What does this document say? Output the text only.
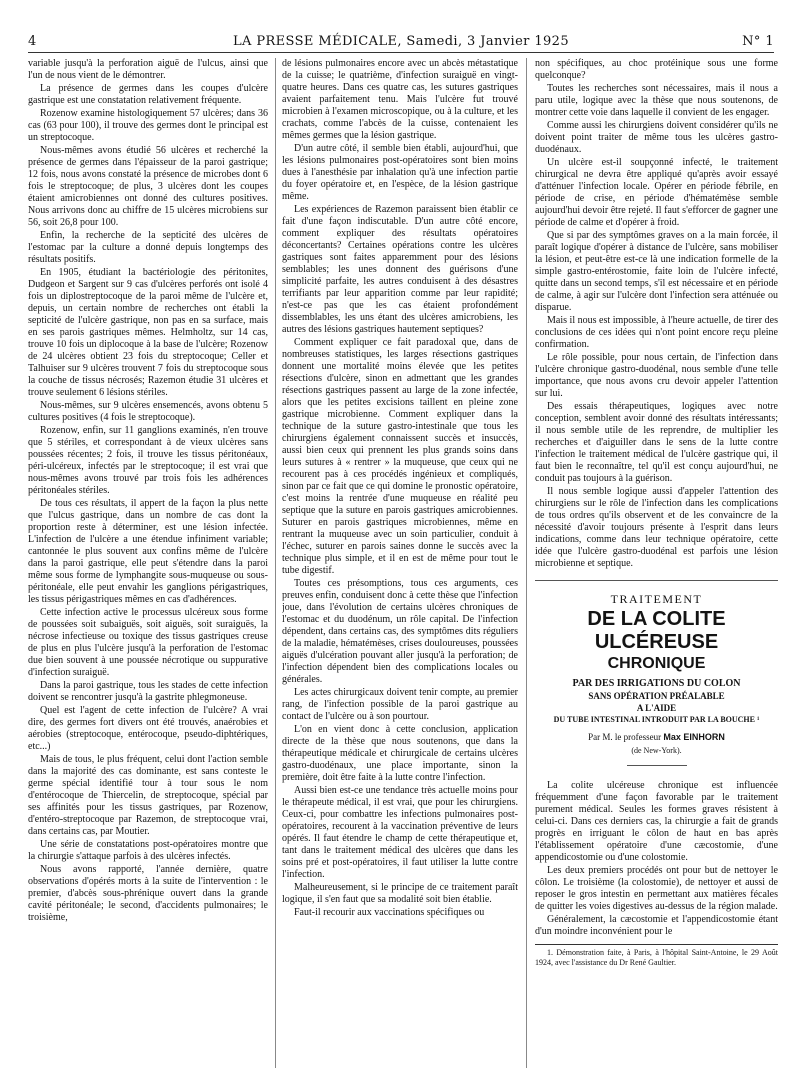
4	LA PRESSE MÉDICALE, Samedi, 3 Janvier 1925	N° 1

variable jusqu'à la perforation aiguë de l'ulcus, ainsi que l'un de nous vient de le démontrer.

La présence de germes dans les coupes d'ulcère gastrique est une constatation relativement fréquente.

Rozenow examine histologiquement 57 ulcères; dans 36 cas (63 pour 100), il trouve des germes dont le principal est un streptocoque.

Nous-mêmes avons étudié 56 ulcères et recherché la présence de germes dans l'épaisseur de la paroi gastrique; 12 fois, nous avons constaté la présence de microbes dont 6 fois le streptocoque; de plus, 3 ulcères dont les coupes étaient amicrobiennes ont donné des cultures positives. Nous arrivons donc au chiffre de 15 ulcères microbiens sur 56, soit 26,8 pour 100.

Enfin, la recherche de la septicité des ulcères de l'estomac par la culture a donné depuis longtemps des résultats positifs.

En 1905, étudiant la bactériologie des péritonites, Dudgeon et Sargent sur 9 cas d'ulcères perforés ont isolé 4 fois un diplostreptocoque de la paroi même de l'ulcère et, depuis, un certain nombre de recherches ont établi la septicité de l'ulcère gastrique, non pas en sa surface, mais en ses parois gastriques mêmes. Helmholtz, sur 14 cas, trouve 10 fois un diplocoque à la base de l'ulcère; Rozenow de 24 ulcères obtient 23 fois du streptocoque; Celler et Talhuiser sur 9 ulcères trouvent 7 fois du streptocoque sous la couche de tissus nécrosés; Razemon étudie 31 ulcères et trouve seulement 6 lésions stériles.

Nous-mêmes, sur 9 ulcères ensemencés, avons obtenu 5 cultures positives (4 fois le streptocoque).

Rozenow, enfin, sur 11 ganglions examinés, n'en trouve que 5 stériles, et correspondant à de vieux ulcères sans poussées récentes; 2 fois, il trouve les tissus péritonéaux, péri-ulcéreux, infectés par le streptocoque; il est vrai que nous-mêmes avons trouvé par trois fois les adhérences péritonéales stériles.

De tous ces résultats, il appert de la façon la plus nette que l'ulcus gastrique, dans un nombre de cas dont la proportion reste à déterminer, est une lésion infectée. L'infection de l'ulcère a une étendue infiniment variable; cantonnée le plus souvent aux confins même de l'ulcère dans la paroi gastrique, elle peut s'étendre dans la paroi même sous forme de lymphangite sous-muqueuse ou sous-péritonéale, elle peut envahir les ganglions périgastriques, les tissus périgastriques mêmes en cas d'adhérences.

Cette infection active le processus ulcéreux sous forme de poussées soit subaiguës, soit aiguës, soit suraiguës, la nécrose infectieuse ou toxique des tissus gastriques creuse de plus en plus l'ulcère jusqu'à la perforation de l'estomac due bien souvent à une poussée nécrotique ou suppurative d'infection suraiguë.

Dans la paroi gastrique, tous les stades de cette infection doivent se rencontrer jusqu'à la gastrite phlegmoneuse.

Quel est l'agent de cette infection de l'ulcère? A vrai dire, des germes fort divers ont été trouvés, anaérobies et aérobies (streptocoque, entérocoque, pseudo-diphtériques, etc...)

Mais de tous, le plus fréquent, celui dont l'action semble dans la majorité des cas dominante, est sans conteste le germe spécial identifié tour à tour sous le nom d'entérocoque de Thiercelin, de streptocoque, spécial par ses affinités pour les tissus gastriques, par Rozenow, d'entéro-streptocoque par Razemon, de streptocoque vrai, dans certains cas, par Moutier.

Une série de constatations post-opératoires montre que la chirurgie s'attaque parfois à des ulcères infectés.

Nous avons rapporté, l'année dernière, quatre observations d'opérés morts à la suite de l'intervention : le premier, d'abcès sous-phrénique ouvert dans la grande cavité péritonéale; le second, d'accidents pulmonaires; le troisième,

de lésions pulmonaires encore avec un abcès métastatique de la cuisse; le quatrième, d'infection suraiguë en vingt-quatre heures. Dans ces quatre cas, les sutures gastriques avaient parfaitement tenu. Mais l'ulcère fut trouvé microbien à l'examen microscopique, ou à la culture, et les crachats, comme l'abcès de la cuisse, contenaient les mêmes germes que la lésion gastrique.

D'un autre côté, il semble bien établi, aujourd'hui, que les lésions pulmonaires post-opératoires sont bien moins dues à l'anesthésie par inhalation qu'à une infection partie du foyer opératoire et, en l'espèce, de la lésion gastrique même.

Les expériences de Razemon paraissent bien établir ce fait d'une façon indiscutable. D'un autre côté encore, comment expliquer des résultats opératoires déconcertants? Certaines opérations contre les ulcères gastriques sont faites apparemment pour des lésions semblables; les unes donnent des guérisons d'une simplicité parfaite, les autres conduisent à des désastres terrifiants par leur apparition comme par leur rapidité; n'est-ce pas que les cas étaient profondément dissemblables, les uns étant des ulcères amicrobiens, les autres des lésions gastriques hautement septiques?

Comment expliquer ce fait paradoxal que, dans de nombreuses statistiques, les larges résections gastriques donnent une mortalité moins élevée que les petites résections d'ulcère, sinon en admettant que les grandes résections gastriques passent au large de la zone infectée, alors que les petites excisions taillent en pleine zone gastrique microbienne. Comment expliquer dans la technique de la suture gastro-intestinale que tous les chirurgiens également connaissent succès et insuccès, aussi bien ceux qui prennent les plus grands soins dans leurs sutures à « rentrer » la muqueuse, que ceux qui ne recourent pas à ces procédés ingénieux et compliqués, sinon par ce fait que ce qui domine le pronostic opératoire, c'est moins la rentrée d'une muqueuse en réalité peu septique que la suture en parois gastriques amicrobiennes. Suturer en parois gastriques microbiennes, même en rentrant la muqueuse avec un soin particulier, conduit à l'échec, suturer en parois saines donne le succès avec la technique plus simple, et il en est de même pour tout le tube digestif.

Toutes ces présomptions, tous ces arguments, ces preuves enfin, conduisent donc à cette thèse que l'infection joue, dans l'évolution de certains ulcères chroniques de l'estomac et du duodénum, un rôle capital. De l'infection dépendent, dans certains cas, des symptômes dits réguliers de la maladie, hématémèses, crises douloureuses, poussées aiguës d'ulcération pouvant aller jusqu'à la perforation; de l'infection dépendent bien des complications locales ou générales.

Les actes chirurgicaux doivent tenir compte, au premier rang, de l'infection possible de la paroi gastrique au contact de l'ulcère ou à son pourtour.

L'on en vient donc à cette conclusion, application directe de la thèse que nous soutenons, que dans la thérapeutique médicale et chirurgicale de certains ulcères gastro-duodénaux, une place importante, sinon la première, doit être faite à la lutte contre l'infection.

Aussi bien est-ce une tendance très actuelle moins pour le thérapeute médical, il est vrai, que pour les chirurgiens. Ceux-ci, pour combattre les infections pulmonaires post-opératoires, recourent à la vaccination préventive de leurs opérés. Il faut étendre le champ de cette thérapeutique et, tant dans le traitement médical des ulcères que dans les soins pré et post-opératoires, il faut utiliser la lutte contre l'infection.

Malheureusement, si le principe de ce traitement paraît logique, il s'en faut que sa modalité soit bien établie.

Faut-il recourir aux vaccinations spécifiques ou

non spécifiques, au choc protéinique sous une forme quelconque?

Toutes les recherches sont nécessaires, mais il nous a paru utile, logique avec la thèse que nous soutenons, de montrer cette voie dans laquelle il convient de les engager.

Comme aussi les chirurgiens doivent considérer qu'ils ne doivent point traiter de même tous les ulcères gastro-duodénaux.

Un ulcère est-il soupçonné infecté, le traitement chirurgical ne devra être appliqué qu'après avoir essayé d'atténuer l'infection locale. Opérer en période fébrile, en période de crise, en période d'hématémèse semble aujourd'hui devoir être rejeté. Il faut s'efforcer de gagner une période de calme et d'opérer à froid.

Que si par des symptômes graves on a la main forcée, il paraît logique d'opérer à distance de l'ulcère, sans mobiliser la lésion, et peut-être est-ce là une indication formelle de la simple gastro-entérostomie, faite loin de l'ulcère infecté, quitte dans un second temps, s'il est nécessaire et en période de calme, à agir sur l'ulcère dont l'infection sera atténuée ou disparue.

Mais il nous est impossible, à l'heure actuelle, de tirer des conclusions de ces idées qui n'ont point encore reçu pleine confirmation.

Le rôle possible, pour nous certain, de l'infection dans l'ulcère chronique gastro-duodénal, nous semble d'une telle importance, que nous avons cru devoir appeler l'attention sur lui.

Des essais thérapeutiques, logiques avec notre conception, semblent avoir donné des résultats intéressants; il nous semble utile de les reprendre, de multiplier les recherches et d'aiguiller dans le sens de la lutte contre l'infection le traitement médical de l'ulcère gastrique qui, il faut bien le reconnaître, tel qu'il est conçu aujourd'hui, ne conduit pas toujours à la guérison.

Il nous semble logique aussi d'appeler l'attention des chirurgiens sur le rôle de l'infection dans les complications de tous ordres qu'ils observent et de les convaincre de la nécessité d'avoir toujours présente à l'esprit dans leurs indications, comme dans leur technique opératoire, cette idée que l'ulcère gastro-duodénal est parfois une lésion microbienne et septique.

TRAITEMENT
DE LA COLITE ULCÉREUSE
CHRONIQUE
PAR DES IRRIGATIONS DU COLON
SANS OPÉRATION PRÉALABLE
A L'AIDE
DU TUBE INTESTINAL INTRODUIT PAR LA BOUCHE ¹
Par M. le professeur Max EINHORN
(de New-York).

La colite ulcéreuse chronique est influencée fréquemment d'une façon favorable par le traitement purement médical. Seules les formes graves résistent à celui-ci. Dans ces derniers cas, la chirurgie a fait de grands progrès en irriguant le côlon de haut en bas après l'établissement opératoire d'une cæcostomie, d'une appendicostomie ou d'une colostomie.

Les deux premiers procédés ont pour but de nettoyer le côlon. Le troisième (la colostomie), de nettoyer et aussi de reposer le gros intestin en permettant aux matières fécales de quitter les voies digestives au-dessus de la région malade.

Généralement, la cæcostomie et l'appendicostomie étant d'un moindre inconvénient pour le

1. Démonstration faite, à Paris, à l'hôpital Saint-Antoine, le 29 Août 1924, avec l'assistance du Dr René Gaultier.
